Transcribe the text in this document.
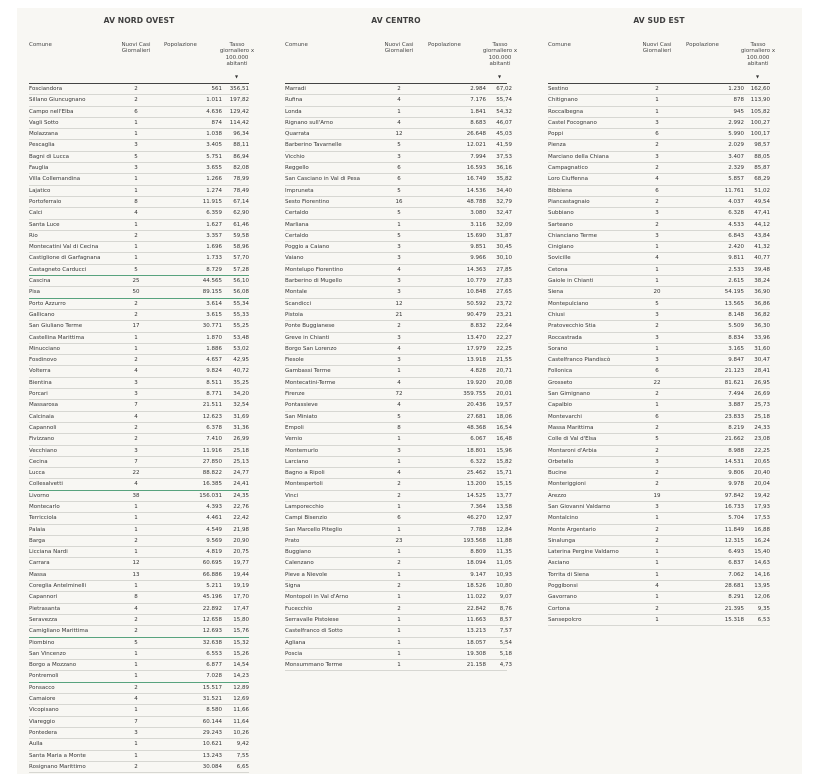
AV NORD OVEST
Comune	Nuovi Casi
Giornalieri
Popolazione	Tasso
giornaliero x
100.000
abitanti
▼
Fosciandora	2	561	356,51
Sillano Giuncugnano	2	1.011	197,82
Campo nell'Elba	6	4.636	129,42
Vagli Sotto	1	874	114,42
Molazzana	1	1.038	96,34
Pescaglia	3	3.405	88,11
Bagni di Lucca	5	5.751	86,94
Fauglia	3	3.655	82,08
Villa Collemandina	1	1.266	78,99
Lajatico	1	1.274	78,49
Portoferraio	8	11.915	67,14
Calci	4	6.359	62,90
Santa Luce	1	1.627	61,46
Rio	2	3.357	59,58
Montecatini Val di Cecina	1	1.696	58,96
Castiglione di Garfagnana	1	1.733	57,70
Castagneto Carducci	5	8.729	57,28
Cascina	25	44.565	56,10
Pisa	50	89.155	56,08
Porto Azzurro	2	3.614	55,34
Gallicano	2	3.615	55,33
San Giuliano Terme	17	30.771	55,25
Castellina Marittima	1	1.870	53,48
Minucciano	1	1.886	53,02
Fosdinovo	2	4.657	42,95
Volterra	4	9.824	40,72
Bientina	3	8.511	35,25
Porcari	3	8.771	34,20
Massarosa	7	21.511	32,54
Calcinaia	4	12.623	31,69
Capannoli	2	6.378	31,36
Fivizzano	2	7.410	26,99
Vecchiano	3	11.916	25,18
Cecina	7	27.850	25,13
Lucca	22	88.822	24,77
Collesalvetti	4	16.385	24,41
Livorno	38	156.031	24,35
Montecarlo	1	4.393	22,76
Terricciola	1	4.461	22,42
Palaia	1	4.549	21,98
Barga	2	9.569	20,90
Licciana Nardi	1	4.819	20,75
Carrara	12	60.695	19,77
Massa	13	66.886	19,44
Coreglia Antelminelli	1	5.211	19,19
Capannori	8	45.196	17,70
Pietrasanta	4	22.892	17,47
Seravezza	2	12.658	15,80
Camigliano Marittima	2	12.693	15,76
Piombino	5	32.638	15,32
San Vincenzo	1	6.553	15,26
Borgo a Mozzano	1	6.877	14,54
Pontremoli	1	7.028	14,23
Ponsacco	2	15.517	12,89
Camaiore	4	31.521	12,69
Vicopisano	1	8.580	11,66
Viareggio	7	60.144	11,64
Pontedera	3	29.243	10,26
Aulla	1	10.621	9,42
Santa Maria a Monte	1	13.243	7,55
Rosignano Marittimo	2	30.084	6,65
AV CENTRO
Comune	Nuovi Casi
Giornalieri
Popolazione	Tasso
giornaliero x
100.000
abitanti
▼
Marradi	2	2.984	67,02
Rufina	4	7.176	55,74
Londa	1	1.841	54,32
Rignano sull'Arno	4	8.683	46,07
Quarrata	12	26.648	45,03
Barberino Tavarnelle	5	12.021	41,59
Vicchio	3	7.994	37,53
Reggello	6	16.593	36,16
San Casciano in Val di Pesa	6	16.749	35,82
Impruneta	5	14.536	34,40
Sesto Fiorentino	16	48.788	32,79
Certaldo	5	3.080	32,47
Marliana	1	3.116	32,09
Certaldo	5	15.690	31,87
Poggio a Caiano	3	9.851	30,45
Vaiano	3	9.966	30,10
Montelupo Fiorentino	4	14.363	27,85
Barberino di Mugello	3	10.779	27,83
Montale	3	10.848	27,65
Scandicci	12	50.592	23,72
Pistoia	21	90.479	23,21
Ponte Buggianese	2	8.832	22,64
Greve in Chianti	3	13.470	22,27
Borgo San Lorenzo	4	17.979	22,25
Fiesole	3	13.918	21,55
Gambassi Terme	1	4.828	20,71
Montecatini-Terme	4	19.920	20,08
Firenze	72	359.755	20,01
Pontassieve	4	20.436	19,57
San Miniato	5	27.681	18,06
Empoli	8	48.368	16,54
Vernio	1	6.067	16,48
Montemurlo	3	18.801	15,96
Larciano	1	6.322	15,82
Bagno a Ripoli	4	25.462	15,71
Montespertoli	2	13.200	15,15
Vinci	2	14.525	13,77
Lamporecchio	1	7.364	13,58
Campi Bisenzio	6	46.270	12,97
San Marcello Piteglio	1	7.788	12,84
Prato	23	193.568	11,88
Buggiano	1	8.809	11,35
Calenzano	2	18.094	11,05
Pieve a Nievole	1	9.147	10,93
Signa	2	18.526	10,80
Montopoli in Val d'Arno	1	11.022	9,07
Fucecchio	2	22.842	8,76
Serravalle Pistoiese	1	11.663	8,57
Castelfranco di Sotto	1	13.213	7,57
Agliana	1	18.057	5,54
Poscia	1	19.308	5,18
Monsummano Terme	1	21.158	4,73
AV SUD EST
Comune	Nuovi Casi
Giornalieri
Popolazione	Tasso
giornaliero x
100.000
abitanti
▼
Sestino	2	1.230	162,60
Chitignano	1	878	113,90
Roccalbegna	1	945	105,82
Castel Focognano	3	2.992	100,27
Poppi	6	5.990	100,17
Pienza	2	2.029	98,57
Marciano della Chiana	3	3.407	88,05
Campagnatico	2	2.329	85,87
Loro Ciuffenna	4	5.857	68,29
Bibbiena	6	11.761	51,02
Piancastagnaio	2	4.037	49,54
Subbiano	3	6.328	47,41
Sarteano	2	4.533	44,12
Chianciano Terme	3	6.843	43,84
Cinigiano	1	2.420	41,32
Sovicille	4	9.811	40,77
Cetona	1	2.533	39,48
Gaiole in Chianti	1	2.615	38,24
Siena	20	54.195	36,90
Montepulciano	5	13.565	36,86
Chiusi	3	8.148	36,82
Pratovecchio Stia	2	5.509	36,30
Roccastrada	3	8.834	33,96
Sorano	1	3.165	31,60
Castelfranco Piandiscò	3	9.847	30,47
Follonica	6	21.123	28,41
Grosseto	22	81.621	26,95
San Gimignano	2	7.494	26,69
Capalbio	1	3.887	25,73
Montevarchi	6	23.833	25,18
Massa Marittima	2	8.219	24,33
Colle di Val d'Elsa	5	21.662	23,08
Montaroni d'Arbia	2	8.988	22,25
Orbetello	3	14.531	20,65
Bucine	2	9.806	20,40
Monteriggioni	2	9.978	20,04
Arezzo	19	97.842	19,42
San Giovanni Valdarno	3	16.733	17,93
Montalcino	1	5.704	17,53
Monte Argentario	2	11.849	16,88
Sinalunga	2	12.315	16,24
Laterina Pergine Valdarno	1	6.493	15,40
Asciano	1	6.837	14,63
Torrita di Siena	1	7.062	14,16
Poggibonsi	4	28.681	13,95
Gavorrano	1	8.291	12,06
Cortona	2	21.395	9,35
Sansepolcro	1	15.318	6,53
